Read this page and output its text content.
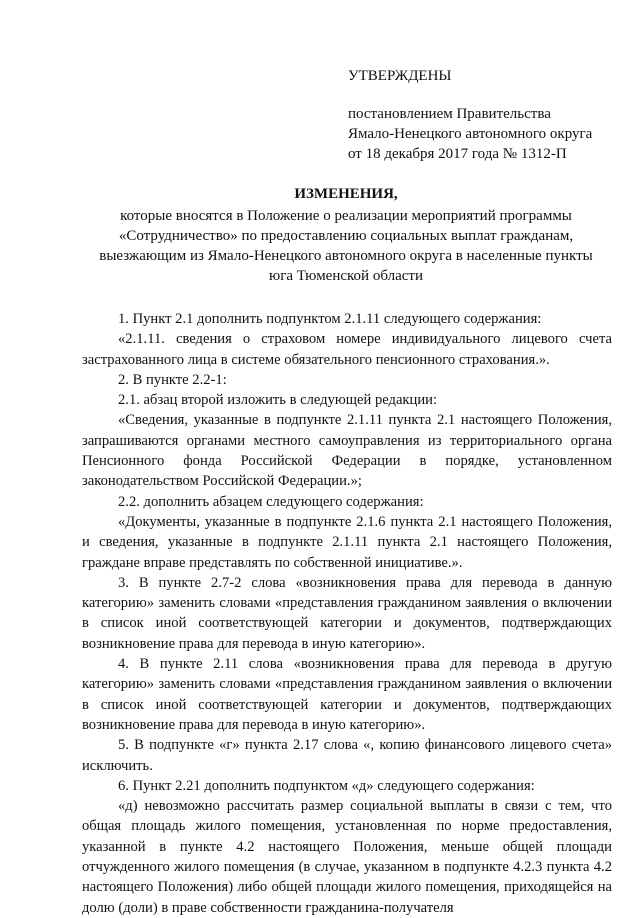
УТВЕРЖДЕНЫ
постановлением Правительства
Ямало-Ненецкого автономного округа
от 18 декабря 2017 года № 1312-П
ИЗМЕНЕНИЯ,
которые вносятся в Положение о реализации мероприятий программы «Сотрудничество» по предоставлению социальных выплат гражданам, выезжающим из Ямало-Ненецкого автономного округа в населенные пункты юга Тюменской области

1. Пункт 2.1 дополнить подпунктом 2.1.11 следующего содержания:

«2.1.11. сведения о страховом номере индивидуального лицевого счета застрахованного лица в системе обязательного пенсионного страхования.».

2. В пункте 2.2-1:

2.1. абзац второй изложить в следующей редакции:

«Сведения, указанные в подпункте 2.1.11 пункта 2.1 настоящего Положения, запрашиваются органами местного самоуправления из территориального органа Пенсионного фонда Российской Федерации в порядке, установленном законодательством Российской Федерации.»;

2.2. дополнить абзацем следующего содержания:

«Документы, указанные в подпункте 2.1.6 пункта 2.1 настоящего Положения, и сведения, указанные в подпункте 2.1.11 пункта 2.1 настоящего Положения, граждане вправе представлять по собственной инициативе.».

3. В пункте 2.7-2 слова «возникновения права для перевода в данную категорию» заменить словами «представления гражданином заявления о включении в список иной соответствующей категории и документов, подтверждающих возникновение права для перевода в иную категорию».

4. В пункте 2.11 слова «возникновения права для перевода в другую категорию» заменить словами «представления гражданином заявления о включении в список иной соответствующей категории и документов, подтверждающих возникновение права для перевода в иную категорию».

5. В подпункте «г» пункта 2.17 слова «, копию финансового лицевого счета» исключить.

6. Пункт 2.21 дополнить подпунктом «д» следующего содержания:

«д) невозможно рассчитать размер социальной выплаты в связи с тем, что общая площадь жилого помещения, установленная по норме предоставления, указанной в пункте 4.2 настоящего Положения, меньше общей площади отчужденного жилого помещения (в случае, указанном в подпункте 4.2.3 пункта 4.2 настоящего Положения) либо общей площади жилого помещения, приходящейся на долю (доли) в праве собственности гражданина-получателя
